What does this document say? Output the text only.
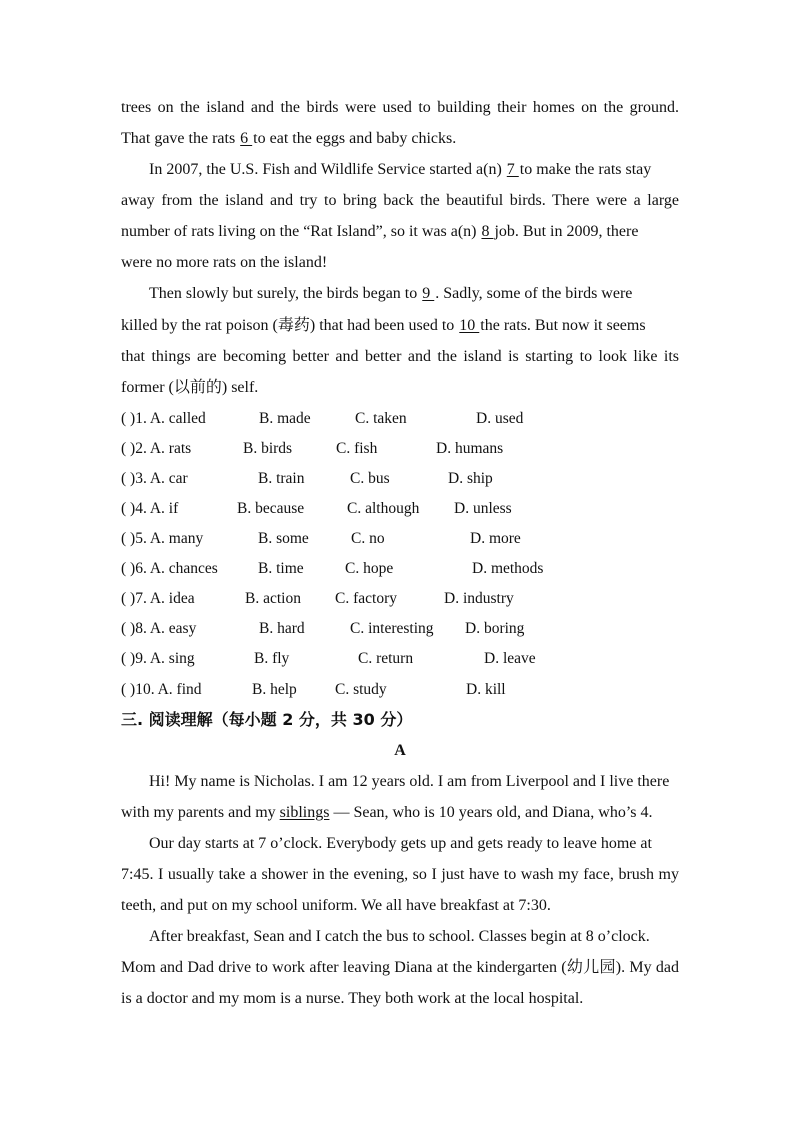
trees on the island and the birds were used to building their homes on the ground.
That gave the rats 6 to eat the eggs and baby chicks.
In 2007, the U.S. Fish and Wildlife Service started a(n) 7 to make the rats stay
away from the island and try to bring back the beautiful birds. There were a large
number of rats living on the “Rat Island”, so it was a(n) 8 job. But in 2009, there
were no more rats on the island!
Then slowly but surely, the birds began to 9 . Sadly, some of the birds were
killed by the rat poison (毒药) that had been used to 10 the rats. But now it seems
that things are becoming better and better and the island is starting to look like its
former (以前的) self.
( )1. A. called	B. made	C. taken	D. used
( )2. A. rats	B. birds	C. fish	D. humans
( )3. A. car	B. train	C. bus	D. ship
( )4. A. if	B. because	C. although D. unless
( )5. A. many	B. some	C. no	D. more
( )6. A. chances	B. time	C. hope	D. methods
( )7. A. idea	B. action C. factory	D. industry
( )8. A. easy	B. hard	C. interesting D. boring
( )9. A. sing	B. fly	C. return	D. leave
( )10. A. find	B. help C. study	D. kill
三. 阅读理解（每小题 2 分，共 30 分）
A
Hi! My name is Nicholas. I am 12 years old. I am from Liverpool and I live there
with my parents and my siblings — Sean, who is 10 years old, and Diana, who’s 4.
Our day starts at 7 o’clock. Everybody gets up and gets ready to leave home at
7:45. I usually take a shower in the evening, so I just have to wash my face, brush my
teeth, and put on my school uniform. We all have breakfast at 7:30.
After breakfast, Sean and I catch the bus to school. Classes begin at 8 o’clock.
Mom and Dad drive to work after leaving Diana at the kindergarten (幼儿园). My dad
is a doctor and my mom is a nurse. They both work at the local hospital.
